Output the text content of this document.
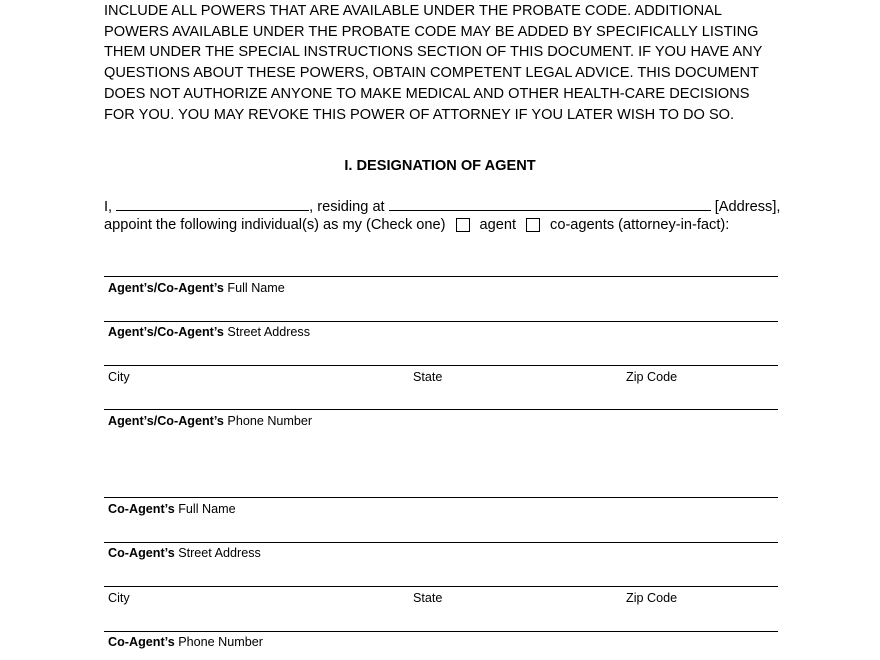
INCLUDE ALL POWERS THAT ARE AVAILABLE UNDER THE PROBATE CODE. ADDITIONAL
POWERS AVAILABLE UNDER THE PROBATE CODE MAY BE ADDED BY SPECIFICALLY LISTING
THEM UNDER THE SPECIAL INSTRUCTIONS SECTION OF THIS DOCUMENT. IF YOU HAVE ANY
QUESTIONS ABOUT THESE POWERS, OBTAIN COMPETENT LEGAL ADVICE. THIS DOCUMENT
DOES NOT AUTHORIZE ANYONE TO MAKE MEDICAL AND OTHER HEALTH-CARE DECISIONS
FOR YOU. YOU MAY REVOKE THIS POWER OF ATTORNEY IF YOU LATER WISH TO DO SO.
I. DESIGNATION OF AGENT

I,	, residing at	[Address],

appoint the following individual(s) as my (Check one) agent co-agents (attorney-in-fact):

Agent’s/Co-Agent’s Full Name

Agent’s/Co-Agent’s Street Address

City	State	Zip Code

Agent’s/Co-Agent’s Phone Number

Co-Agent’s Full Name

Co-Agent’s Street Address

City	State	Zip Code

Co-Agent’s Phone Number
